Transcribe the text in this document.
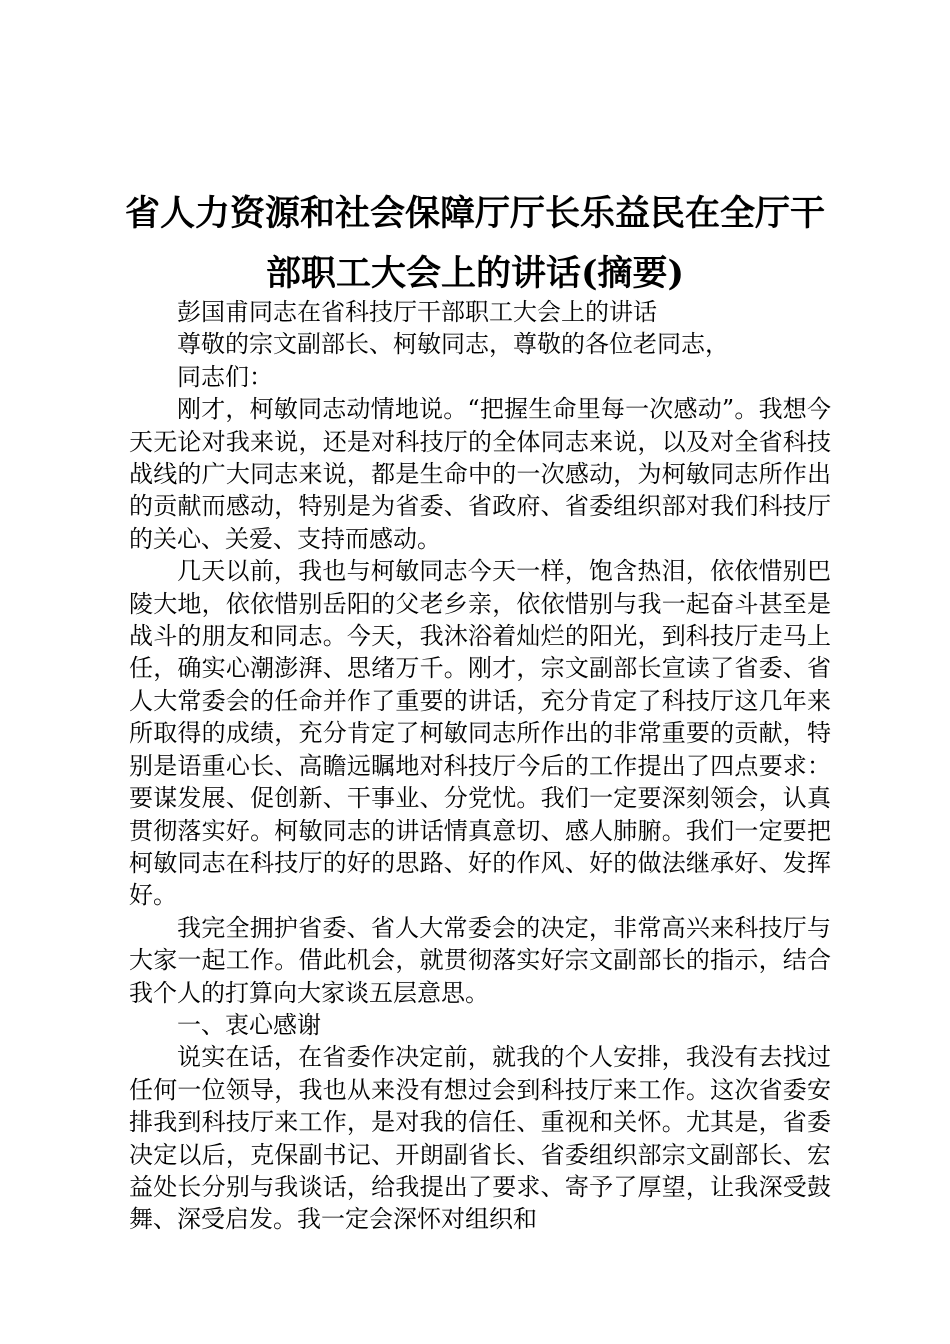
省人力资源和社会保障厅厅长乐益民在全厅干
部职工大会上的讲话(摘要)

彭国甫同志在省科技厅干部职工大会上的讲话

尊敬的宗文副部长、柯敏同志，尊敬的各位老同志，

同志们：

刚才，柯敏同志动情地说。“把握生命里每一次感动”。我想今天无论对我来说，还是对科技厅的全体同志来说，以及对全省科技战线的广大同志来说，都是生命中的一次感动，为柯敏同志所作出的贡献而感动，特别是为省委、省政府、省委组织部对我们科技厅的关心、关爱、支持而感动。

几天以前，我也与柯敏同志今天一样，饱含热泪，依依惜别巴陵大地，依依惜别岳阳的父老乡亲，依依惜别与我一起奋斗甚至是战斗的朋友和同志。今天，我沐浴着灿烂的阳光，到科技厅走马上任，确实心潮澎湃、思绪万千。刚才，宗文副部长宣读了省委、省人大常委会的任命并作了重要的讲话，充分肯定了科技厅这几年来所取得的成绩，充分肯定了柯敏同志所作出的非常重要的贡献，特别是语重心长、高瞻远瞩地对科技厅今后的工作提出了四点要求：要谋发展、促创新、干事业、分党忧。我们一定要深刻领会，认真贯彻落实好。柯敏同志的讲话情真意切、感人肺腑。我们一定要把柯敏同志在科技厅的好的思路、好的作风、好的做法继承好、发挥好。

我完全拥护省委、省人大常委会的决定，非常高兴来科技厅与大家一起工作。借此机会，就贯彻落实好宗文副部长的指示，结合我个人的打算向大家谈五层意思。

一、衷心感谢

说实在话，在省委作决定前，就我的个人安排，我没有去找过任何一位领导，我也从来没有想过会到科技厅来工作。这次省委安排我到科技厅来工作，是对我的信任、重视和关怀。尤其是，省委决定以后，克保副书记、开朗副省长、省委组织部宗文副部长、宏益处长分别与我谈话，给我提出了要求、寄予了厚望，让我深受鼓舞、深受启发。我一定会深怀对组织和
